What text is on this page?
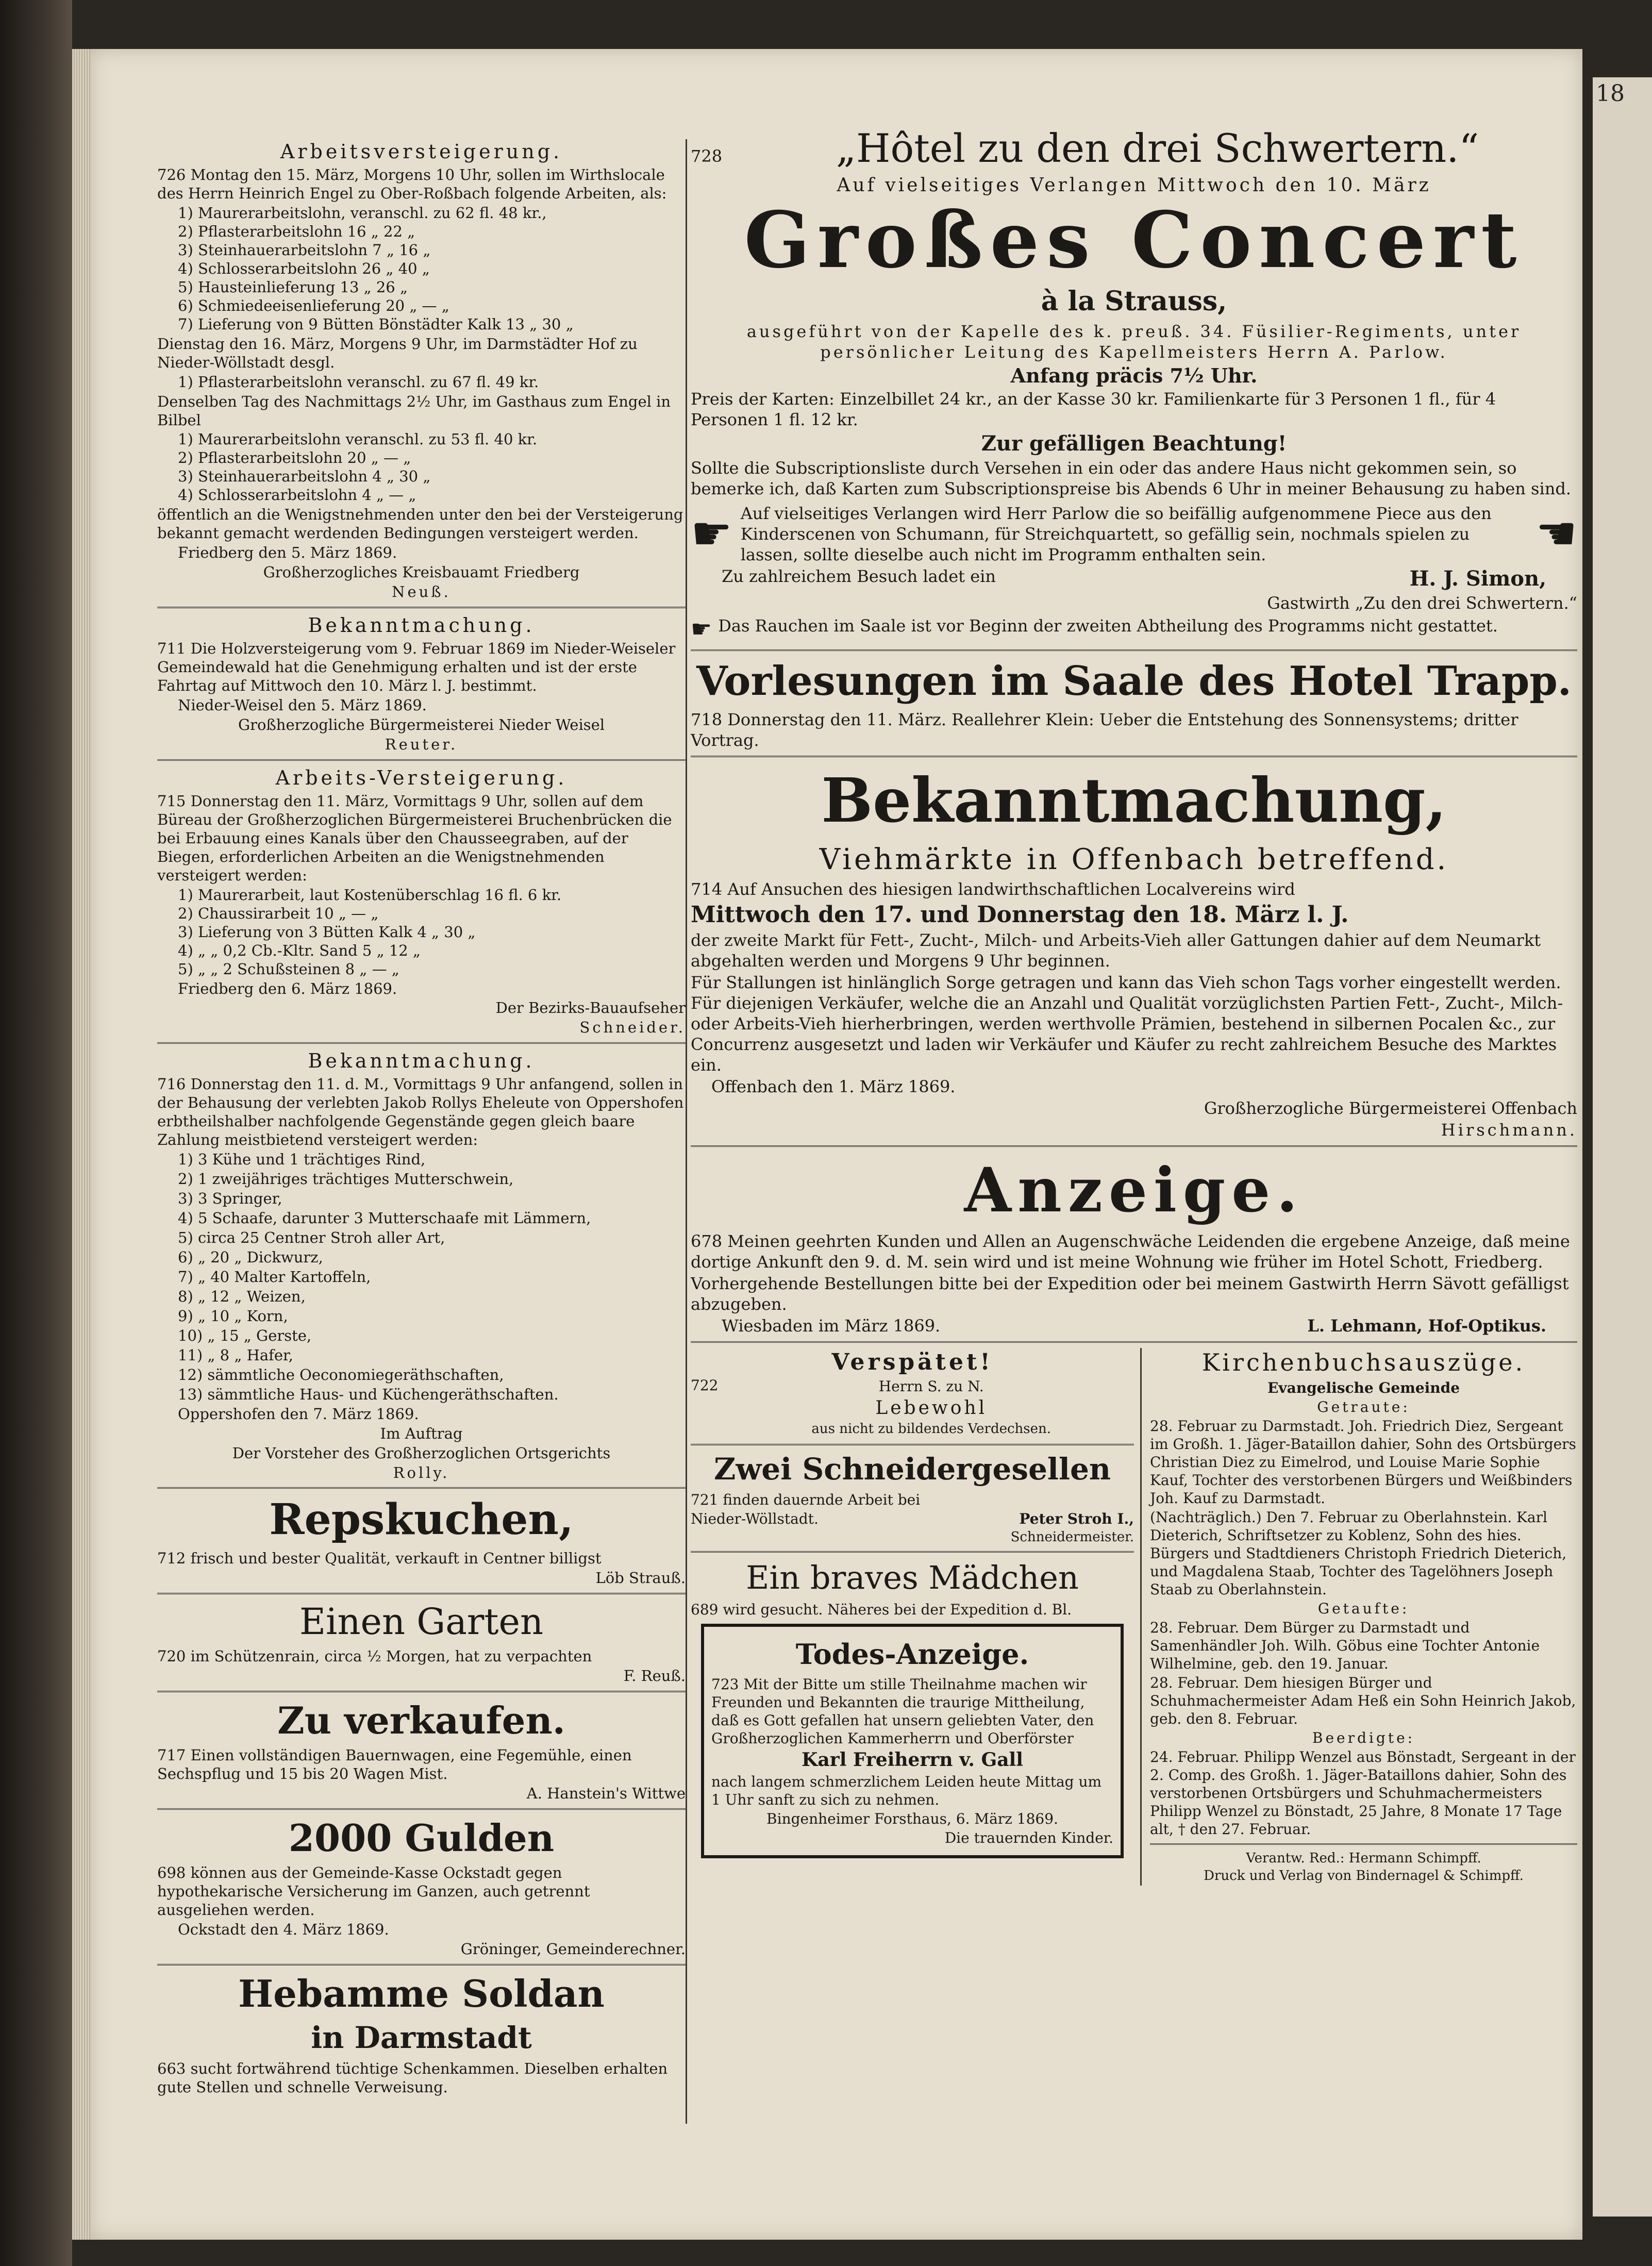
18
Arbeitsversteigerung.

726 Montag den 15. März, Morgens 10 Uhr, sollen im Wirthslocale des Herrn Heinrich Engel zu Ober-Roßbach folgende Arbeiten, als:

1) Maurerarbeitslohn, veranschl. zu 62 fl. 48 kr.,
2) Pflasterarbeitslohn 16 „ 22 „
3) Steinhauerarbeitslohn 7 „ 16 „
4) Schlosserarbeitslohn 26 „ 40 „
5) Hausteinlieferung 13 „ 26 „
6) Schmiedeeisenlieferung 20 „ — „
7) Lieferung von 9 Bütten Bönstädter Kalk 13 „ 30 „

Dienstag den 16. März, Morgens 9 Uhr, im Darmstädter Hof zu Nieder-Wöllstadt desgl.

1) Pflasterarbeitslohn veranschl. zu 67 fl. 49 kr.

Denselben Tag des Nachmittags 2½ Uhr, im Gasthaus zum Engel in Bilbel

1) Maurerarbeitslohn veranschl. zu 53 fl. 40 kr.
2) Pflasterarbeitslohn 20 „ — „
3) Steinhauerarbeitslohn 4 „ 30 „
4) Schlosserarbeitslohn 4 „ — „

öffentlich an die Wenigstnehmenden unter den bei der Versteigerung bekannt gemacht werdenden Bedingungen versteigert werden.

Friedberg den 5. März 1869.

Großherzogliches Kreisbauamt Friedberg

Neuß.

Bekanntmachung.

711 Die Holzversteigerung vom 9. Februar 1869 im Nieder-Weiseler Gemeindewald hat die Genehmigung erhalten und ist der erste Fahrtag auf Mittwoch den 10. März l. J. bestimmt.

Nieder-Weisel den 5. März 1869.

Großherzogliche Bürgermeisterei Nieder Weisel

Reuter.

Arbeits-Versteigerung.

715 Donnerstag den 11. März, Vormittags 9 Uhr, sollen auf dem Büreau der Großherzoglichen Bürgermeisterei Bruchenbrücken die bei Erbauung eines Kanals über den Chausseegraben, auf der Biegen, erforderlichen Arbeiten an die Wenigstnehmenden versteigert werden:

1) Maurerarbeit, laut Kostenüberschlag 16 fl. 6 kr.
2) Chaussirarbeit 10 „ — „
3) Lieferung von 3 Bütten Kalk 4 „ 30 „
4) „ „ 0,2 Cb.-Kltr. Sand 5 „ 12 „
5) „ „ 2 Schußsteinen 8 „ — „

Friedberg den 6. März 1869.

Der Bezirks-Bauaufseher

Schneider.

Bekanntmachung.

716 Donnerstag den 11. d. M., Vormittags 9 Uhr anfangend, sollen in der Behausung der verlebten Jakob Rollys Eheleute von Oppershofen erbtheilshalber nachfolgende Gegenstände gegen gleich baare Zahlung meistbietend versteigert werden:

1) 3 Kühe und 1 trächtiges Rind,

2) 1 zweijähriges trächtiges Mutterschwein,

3) 3 Springer,

4) 5 Schaafe, darunter 3 Mutterschaafe mit Lämmern,

5) circa 25 Centner Stroh aller Art,

6) „ 20 „ Dickwurz,

7) „ 40 Malter Kartoffeln,

8) „ 12 „ Weizen,

9) „ 10 „ Korn,

10) „ 15 „ Gerste,

11) „ 8 „ Hafer,

12) sämmtliche Oeconomiegeräthschaften,

13) sämmtliche Haus- und Küchengeräthschaften.

Oppershofen den 7. März 1869.

Im Auftrag

Der Vorsteher des Großherzoglichen Ortsgerichts

Rolly.

Repskuchen,

712 frisch und bester Qualität, verkauft in Centner billigst

Löb Strauß.

Einen Garten

720 im Schützenrain, circa ½ Morgen, hat zu verpachten

F. Reuß.

Zu verkaufen.

717 Einen vollständigen Bauernwagen, eine Fegemühle, einen Sechspflug und 15 bis 20 Wagen Mist.

A. Hanstein's Wittwe

2000 Gulden

698 können aus der Gemeinde-Kasse Ockstadt gegen hypothekarische Versicherung im Ganzen, auch getrennt ausgeliehen werden.

Ockstadt den 4. März 1869.

Gröninger, Gemeinderechner.

Hebamme Soldan
in Darmstadt

663 sucht fortwährend tüchtige Schenkammen. Dieselben erhalten gute Stellen und schnelle Verweisung.

728	„Hôtel zu den drei Schwertern.“

Auf vielseitiges Verlangen Mittwoch den 10. März

Großes Concert
à la Strauss,

ausgeführt von der Kapelle des k. preuß. 34. Füsilier-Regiments, unter persönlicher Leitung des Kapellmeisters Herrn A. Parlow.

Anfang präcis 7½ Uhr.

Preis der Karten: Einzelbillet 24 kr., an der Kasse 30 kr. Familienkarte für 3 Personen 1 fl., für 4 Personen 1 fl. 12 kr.

Zur gefälligen Beachtung!

Sollte die Subscriptionsliste durch Versehen in ein oder das andere Haus nicht gekommen sein, so bemerke ich, daß Karten zum Subscriptionspreise bis Abends 6 Uhr in meiner Behausung zu haben sind.

☛ Auf vielseitiges Verlangen wird Herr Parlow die so beifällig aufgenommene Piece aus den Kinderscenen von Schumann, für Streichquartett, so gefällig sein, nochmals spielen zu lassen, sollte dieselbe auch nicht im Programm enthalten sein.	☚
Zu zahlreichem Besuch ladet ein	H. J. Simon,

Gastwirth „Zu den drei Schwertern.“

☛ Das Rauchen im Saale ist vor Beginn der zweiten Abtheilung des Programms nicht gestattet.

Vorlesungen im Saale des Hotel Trapp.

718 Donnerstag den 11. März. Reallehrer Klein: Ueber die Entstehung des Sonnensystems; dritter Vortrag.

Bekanntmachung,

Viehmärkte in Offenbach betreffend.

714 Auf Ansuchen des hiesigen landwirthschaftlichen Localvereins wird

Mittwoch den 17. und Donnerstag den 18. März l. J.

der zweite Markt für Fett-, Zucht-, Milch- und Arbeits-Vieh aller Gattungen dahier auf dem Neumarkt abgehalten werden und Morgens 9 Uhr beginnen.

Für Stallungen ist hinlänglich Sorge getragen und kann das Vieh schon Tags vorher eingestellt werden. Für diejenigen Verkäufer, welche die an Anzahl und Qualität vorzüglichsten Partien Fett-, Zucht-, Milch- oder Arbeits-Vieh hierherbringen, werden werthvolle Prämien, bestehend in silbernen Pocalen &c., zur Concurrenz ausgesetzt und laden wir Verkäufer und Käufer zu recht zahlreichem Besuche des Marktes ein.

Offenbach den 1. März 1869.

Großherzogliche Bürgermeisterei Offenbach

Hirschmann.

Anzeige.

678 Meinen geehrten Kunden und Allen an Augenschwäche Leidenden die ergebene Anzeige, daß meine dortige Ankunft den 9. d. M. sein wird und ist meine Wohnung wie früher im Hotel Schott, Friedberg.

Vorhergehende Bestellungen bitte bei der Expedition oder bei meinem Gastwirth Herrn Sävott gefälligst abzugeben.

Wiesbaden im März 1869.	L. Lehmann, Hof-Optikus.
Verspätet!
722	Herrn S. zu N.

Lebewohl

aus nicht zu bildendes Verdechsen.

Zwei Schneidergesellen

721 finden dauernde Arbeit bei

Nieder-Wöllstadt.	Peter Stroh I.,

Schneidermeister.

Ein braves Mädchen

689 wird gesucht. Näheres bei der Expedition d. Bl.

Todes-Anzeige.

723 Mit der Bitte um stille Theilnahme machen wir Freunden und Bekannten die traurige Mittheilung, daß es Gott gefallen hat unsern geliebten Vater, den Großherzoglichen Kammerherrn und Oberförster

Karl Freiherrn v. Gall

nach langem schmerzlichem Leiden heute Mittag um 1 Uhr sanft zu sich zu nehmen.

Bingenheimer Forsthaus, 6. März 1869.

Die trauernden Kinder.

Kirchenbuchsauszüge.

Evangelische Gemeinde

Getraute:

28. Februar zu Darmstadt. Joh. Friedrich Diez, Sergeant im Großh. 1. Jäger-Bataillon dahier, Sohn des Ortsbürgers Christian Diez zu Eimelrod, und Louise Marie Sophie Kauf, Tochter des verstorbenen Bürgers und Weißbinders Joh. Kauf zu Darmstadt.

(Nachträglich.) Den 7. Februar zu Oberlahnstein. Karl Dieterich, Schriftsetzer zu Koblenz, Sohn des hies. Bürgers und Stadtdieners Christoph Friedrich Dieterich, und Magdalena Staab, Tochter des Tagelöhners Joseph Staab zu Oberlahnstein.

Getaufte:

28. Februar. Dem Bürger zu Darmstadt und Samenhändler Joh. Wilh. Göbus eine Tochter Antonie Wilhelmine, geb. den 19. Januar.

28. Februar. Dem hiesigen Bürger und Schuhmachermeister Adam Heß ein Sohn Heinrich Jakob, geb. den 8. Februar.

Beerdigte:

24. Februar. Philipp Wenzel aus Bönstadt, Sergeant in der 2. Comp. des Großh. 1. Jäger-Bataillons dahier, Sohn des verstorbenen Ortsbürgers und Schuhmachermeisters Philipp Wenzel zu Bönstadt, 25 Jahre, 8 Monate 17 Tage alt, † den 27. Februar.

Verantw. Red.: Hermann Schimpff.

Druck und Verlag von Bindernagel & Schimpff.
